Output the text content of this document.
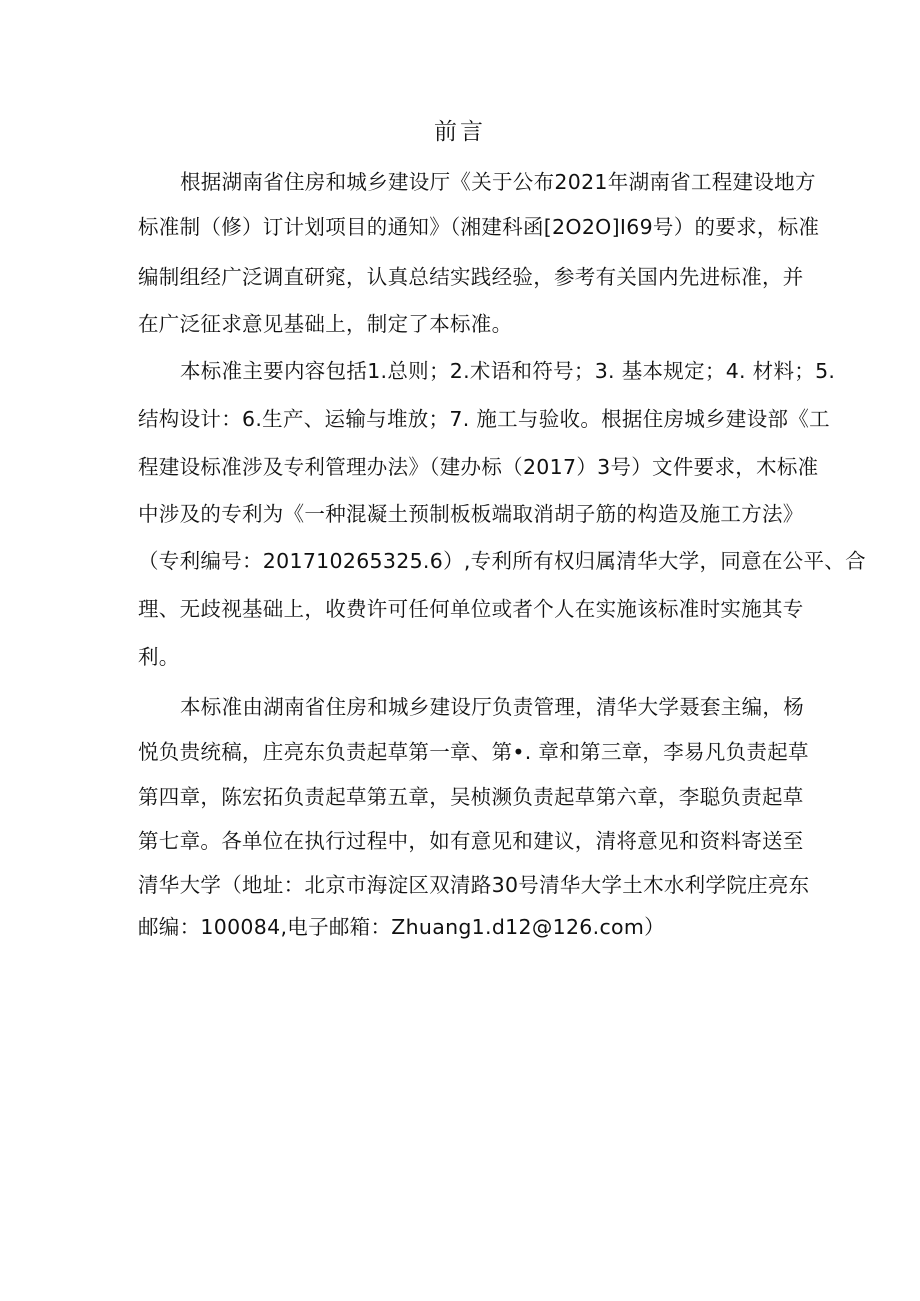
前言
根据湖南省住房和城乡建设厅《关于公布2021年湖南省工程建设地方
标准制（修）订计划项目的通知》（湘建科函[2O2O]I69号）的要求，标准
编制组经广泛调直研窕，认真总结实践经验，参考有关国内先进标准，并
在广泛征求意见基础上，制定了本标准。
本标准主要内容包括1.总则；2.术语和符号；3. 基本规定；4. 材料；5.
结构设计：6.生产、运输与堆放；7. 施工与验收。根据住房城乡建设部《工
程建设标准涉及专利管理办法》（建办标（2017）3号）文件要求，木标准
中涉及的专利为《一种混凝土预制板板端取消胡子筋的构造及施工方法》
（专利编号：201710265325.6）,专利所有权归属清华大学，同意在公平、合
理、无歧视基础上，收费许可任何单位或者个人在实施该标准时实施其专
利。
本标准由湖南省住房和城乡建设厅负责管理，清华大学聂套主编，杨
悦负贵统稿，庄亮东负责起草第一章、第•. 章和第三章，李易凡负责起草
第四章，陈宏拓负责起草第五章，吴桢濒负责起草第六章，李聪负责起草
第七章。各单位在执行过程中，如有意见和建议，清将意见和资料寄送至
清华大学（地址：北京市海淀区双清路30号清华大学土木水利学院庄亮东
邮编：100084,电子邮箱：Zhuang1.d12@126.com）
